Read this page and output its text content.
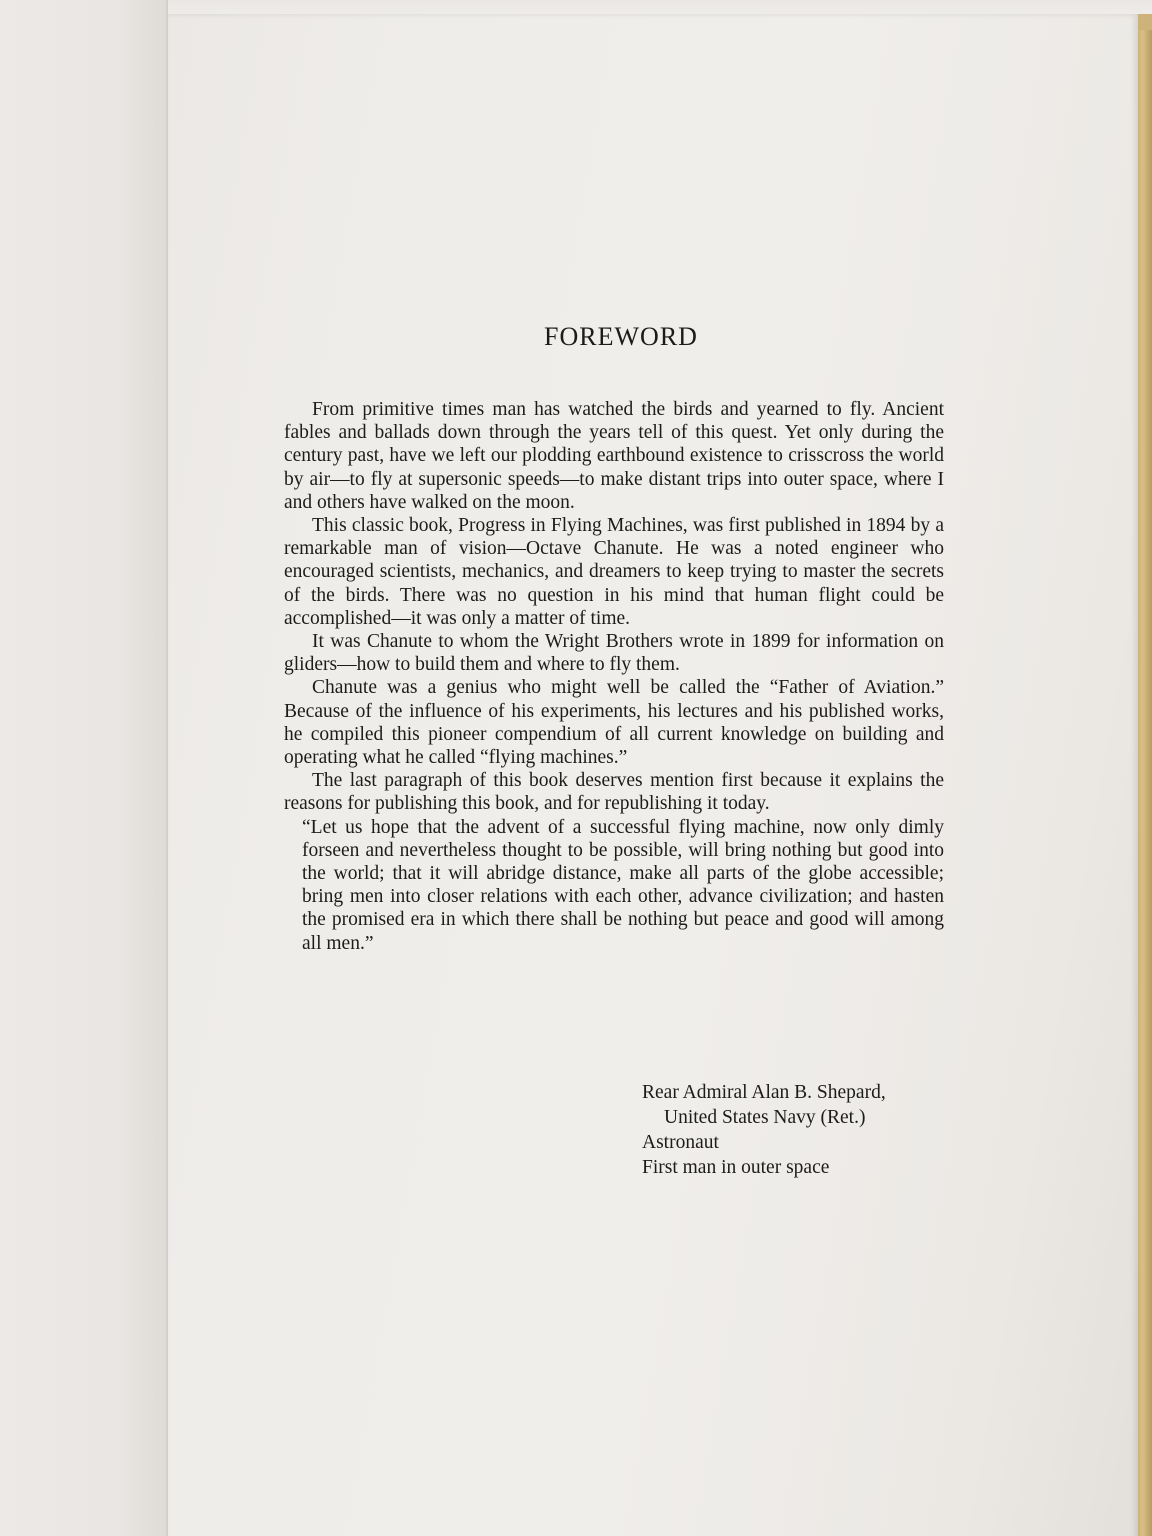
FOREWORD

From primitive times man has watched the birds and yearned to fly. Ancient fables and ballads down through the years tell of this quest. Yet only during the century past, have we left our plodding earthbound existence to crisscross the world by air—to fly at supersonic speeds—to make distant trips into outer space, where I and others have walked on the moon.

This classic book, Progress in Flying Machines, was first published in 1894 by a remarkable man of vision—Octave Chanute. He was a noted engineer who encouraged scientists, mechanics, and dreamers to keep trying to master the secrets of the birds. There was no question in his mind that human flight could be accomplished—it was only a matter of time.

It was Chanute to whom the Wright Brothers wrote in 1899 for information on gliders—how to build them and where to fly them.

Chanute was a genius who might well be called the “Father of Aviation.” Because of the influence of his experiments, his lectures and his published works, he compiled this pioneer compendium of all current knowledge on building and operating what he called “flying machines.”

The last paragraph of this book deserves mention first because it explains the reasons for publishing this book, and for republishing it today.

“Let us hope that the advent of a successful flying machine, now only dimly forseen and nevertheless thought to be possible, will bring nothing but good into the world; that it will abridge distance, make all parts of the globe accessible; bring men into closer relations with each other, advance civilization; and hasten the promised era in which there shall be nothing but peace and good will among all men.”

Rear Admiral Alan B. Shepard,
United States Navy (Ret.)
Astronaut
First man in outer space
